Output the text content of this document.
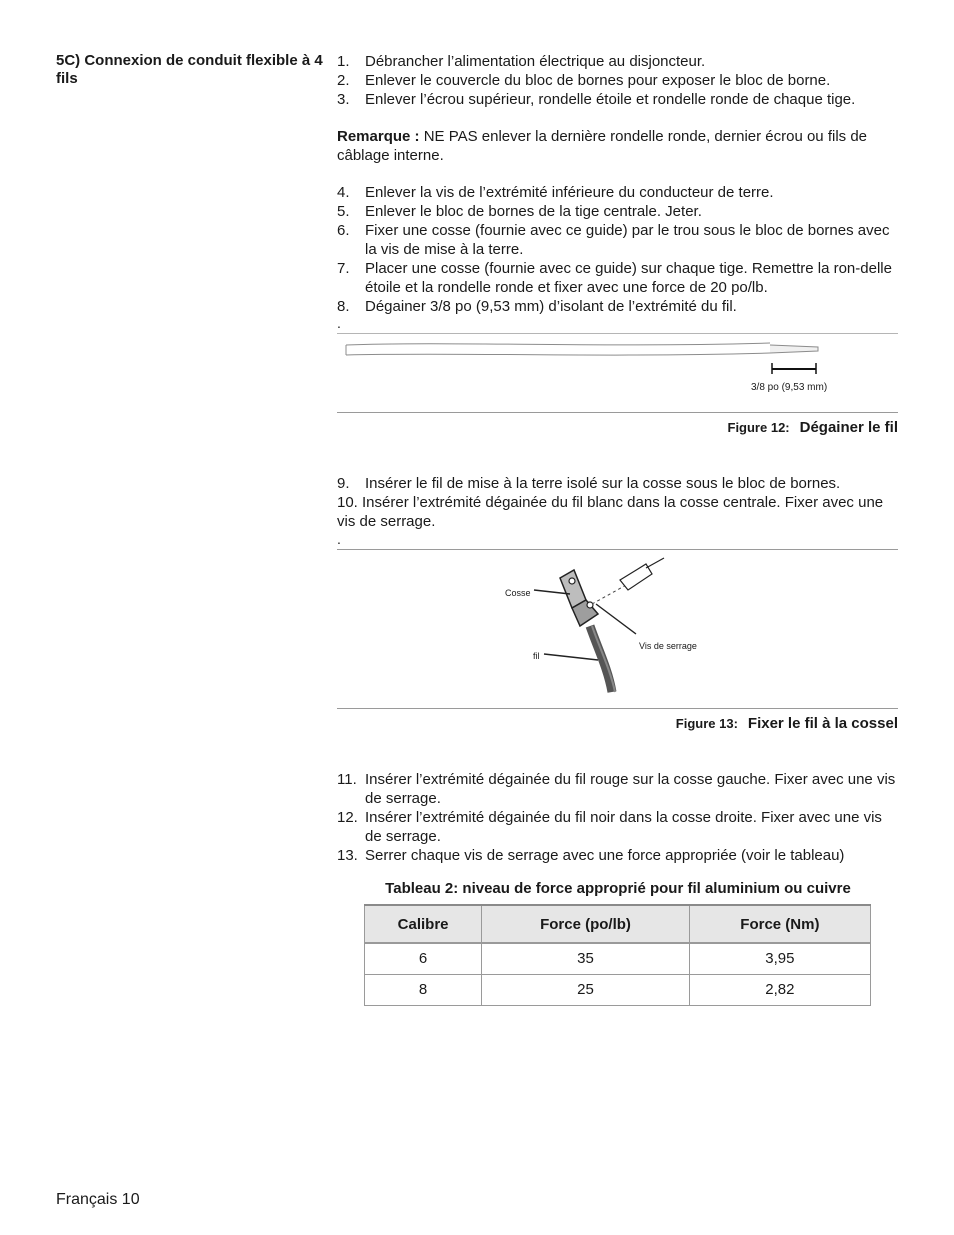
5C) Connexion de conduit flexible à 4 fils
1. Débrancher l’alimentation électrique au disjoncteur.
2. Enlever le couvercle du bloc de bornes pour exposer le bloc de borne.
3. Enlever l’écrou supérieur, rondelle étoile et rondelle ronde de chaque tige.

Remarque : NE PAS enlever la dernière rondelle ronde, dernier écrou ou fils de câblage interne.

4. Enlever la vis de l’extrémité inférieure du conducteur de terre.
5. Enlever le bloc de bornes de la tige centrale. Jeter.
6. Fixer une cosse (fournie avec ce guide) par le trou sous le bloc de bornes avec la vis de mise à la terre.
7. Placer une cosse (fournie avec ce guide) sur chaque tige. Remettre la ron-delle étoile et la rondelle ronde et fixer avec une force de 20 po/lb.
8. Dégainer 3/8 po (9,53 mm) d’isolant de l’extrémité du fil.
.
3/8 po (9,53 mm)
Figure 12: Dégainer le fil
9. Insérer le fil de mise à la terre isolé sur la cosse sous le bloc de bornes.
10. Insérer l’extrémité dégainée du fil blanc dans la cosse centrale. Fixer avec une vis de serrage.
.
Cosse
Vis de serrage
fil
Figure 13: Fixer le fil à la cossel
11. Insérer l’extrémité dégainée du fil rouge sur la cosse gauche. Fixer avec une vis de serrage.
12. Insérer l’extrémité dégainée du fil noir dans la cosse droite. Fixer avec une vis de serrage.
13. Serrer chaque vis de serrage avec une force appropriée (voir le tableau)
Tableau 2: niveau de force approprié pour fil aluminium ou cuivre
Calibre	Force (po/lb)	Force (Nm)
6	35	3,95
8	25	2,82
Français 10
